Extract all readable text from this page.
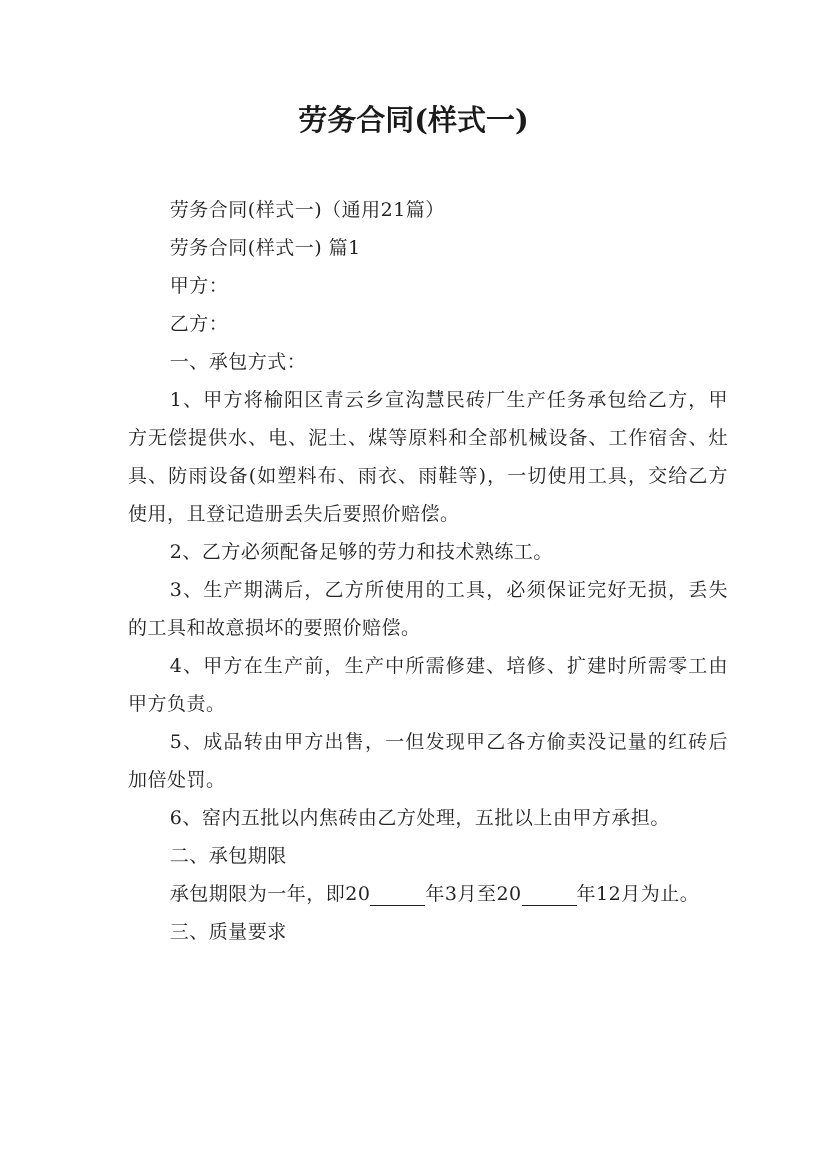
劳务合同(样式一)

劳务合同(样式一)（通用21篇）

劳务合同(样式一) 篇1

甲方：

乙方：

一、承包方式：

1、甲方将榆阳区青云乡宣沟慧民砖厂生产任务承包给乙方，甲方无偿提供水、电、泥土、煤等原料和全部机械设备、工作宿舍、灶具、防雨设备(如塑料布、雨衣、雨鞋等)，一切使用工具，交给乙方使用，且登记造册丢失后要照价赔偿。

2、乙方必须配备足够的劳力和技术熟练工。

3、生产期满后，乙方所使用的工具，必须保证完好无损，丢失的工具和故意损坏的要照价赔偿。

4、甲方在生产前，生产中所需修建、培修、扩建时所需零工由甲方负责。

5、成品转由甲方出售，一但发现甲乙各方偷卖没记量的红砖后加倍处罚。

6、窑内五批以内焦砖由乙方处理，五批以上由甲方承担。

二、承包期限

承包期限为一年，即20	年3月至20	年12月为止。

三、质量要求
